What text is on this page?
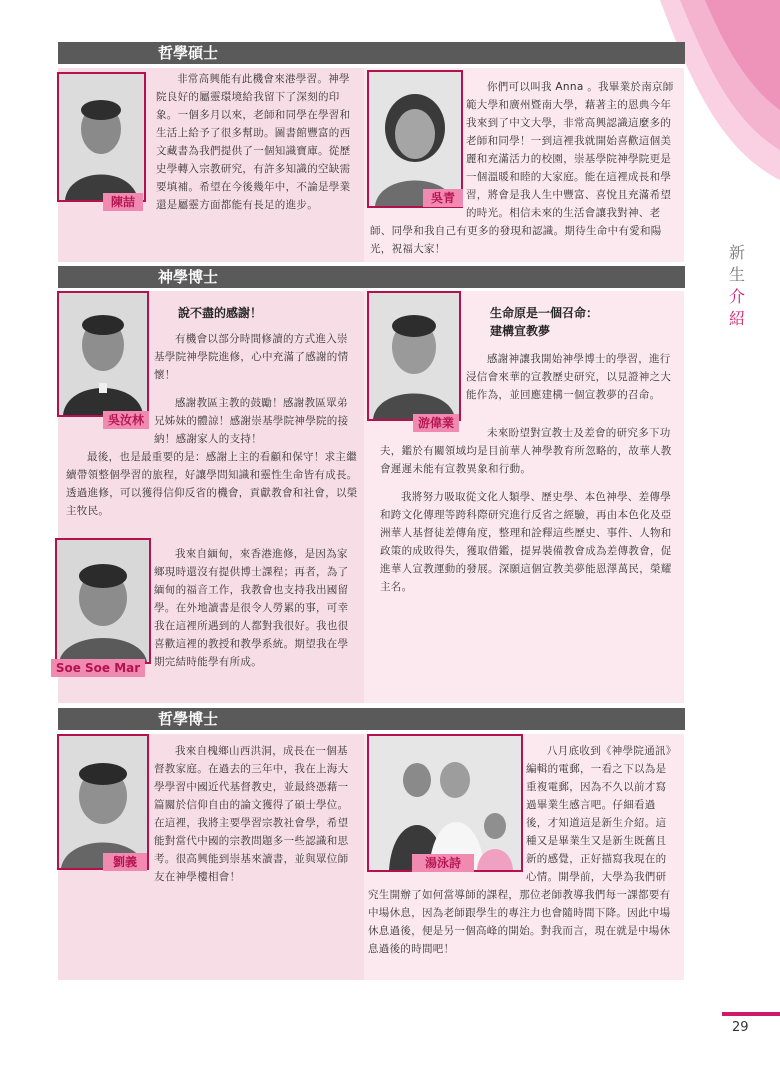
新
生
介
紹
哲學碩士
陳喆

非常高興能有此機會來港學習。神學院良好的屬靈環境給我留下了深刻的印象。一個多月以來，老師和同學在學習和生活上給予了很多幫助。圖書館豐富的西文藏書為我們提供了一個知識寶庫。從歷史學轉入宗教研究，有許多知識的空缺需要填補。希望在今後幾年中，不論是學業還是屬靈方面都能有長足的進步。	吳青

你們可以叫我 Anna 。我畢業於南京師範大學和廣州暨南大學，藉著主的恩典今年我來到了中文大學，非常高興認識這麼多的老師和同學！一到這裡我就開始喜歡這個美麗和充滿活力的校園，崇基學院神學院更是一個溫暖和睦的大家庭。能在這裡成長和學習，將會是我人生中豐富、喜悅且充滿希望的時光。相信未來的生活會讓我對神、老師、同學和我自己有更多的發現和認識。期待生命中有愛和陽光，祝福大家！

神學博士
吳汝林
說不盡的感謝！

有機會以部分時間修讀的方式進入崇基學院神學院進修，心中充滿了感謝的情懷！

感謝教區主教的鼓勵！感謝教區眾弟兄姊妹的體諒！感謝崇基學院神學院的接納！感謝家人的支持！

最後，也是最重要的是：感謝上主的看顧和保守！求主繼續帶領整個學習的旅程，好讓學問知識和靈性生命皆有成長。透過進修，可以獲得信仰反省的機會，貢獻教會和社會，以榮主牧民。

Soe Soe Mar

我來自緬甸，來香港進修，是因為家鄉現時還沒有提供博士課程；再者，為了緬甸的福音工作，我教會也支持我出國留學。在外地讀書是很令人勞累的事，可幸我在這裡所遇到的人都對我很好。我也很喜歡這裡的教授和教學系統。期望我在學期完結時能學有所成。

游偉業
生命原是一個召命：
建構宣教夢

感謝神讓我開始神學博士的學習，進行浸信會來華的宣教歷史研究，以見證神之大能作為，並回應建構一個宣教夢的召命。

未來盼望對宣教士及差會的研究多下功夫，鑑於有關領域均是目前華人神學教育所忽略的，故華人教會遲遲未能有宣教異象和行動。

我將努力吸取從文化人類學、歷史學、本色神學、差傳學和跨文化傳理等跨科際研究進行反省之經驗，再由本色化及亞洲華人基督徒差傳角度，整理和詮釋這些歷史、事件、人物和政策的成敗得失，獲取借鑑，提昇裝備教會成為差傳教會，促進華人宣教運動的發展。深願這個宣教美夢能恩澤萬民，榮耀主名。

哲學博士
劉義

我來自槐鄉山西洪洞，成長在一個基督教家庭。在過去的三年中，我在上海大學學習中國近代基督教史，並最終憑藉一篇關於信仰自由的論文獲得了碩士學位。在這裡，我將主要學習宗教社會學，希望能對當代中國的宗教問題多一些認識和思考。很高興能到崇基來讀書，並與眾位師友在神學樓相會！

湯泳詩

八月底收到《神學院通訊》編輯的電郵，一看之下以為是重複電郵，因為不久以前才寫過畢業生感言吧。仔細看過後，才知道這是新生介紹。這種又是畢業生又是新生既舊且新的感覺，正好描寫我現在的心情。開學前，大學為我們研究生開辦了如何當導師的課程，那位老師教導我們每一課都要有中場休息，因為老師跟學生的專注力也會隨時間下降。因此中場休息過後，便是另一個高峰的開始。對我而言，現在就是中場休息過後的時間吧！

29
